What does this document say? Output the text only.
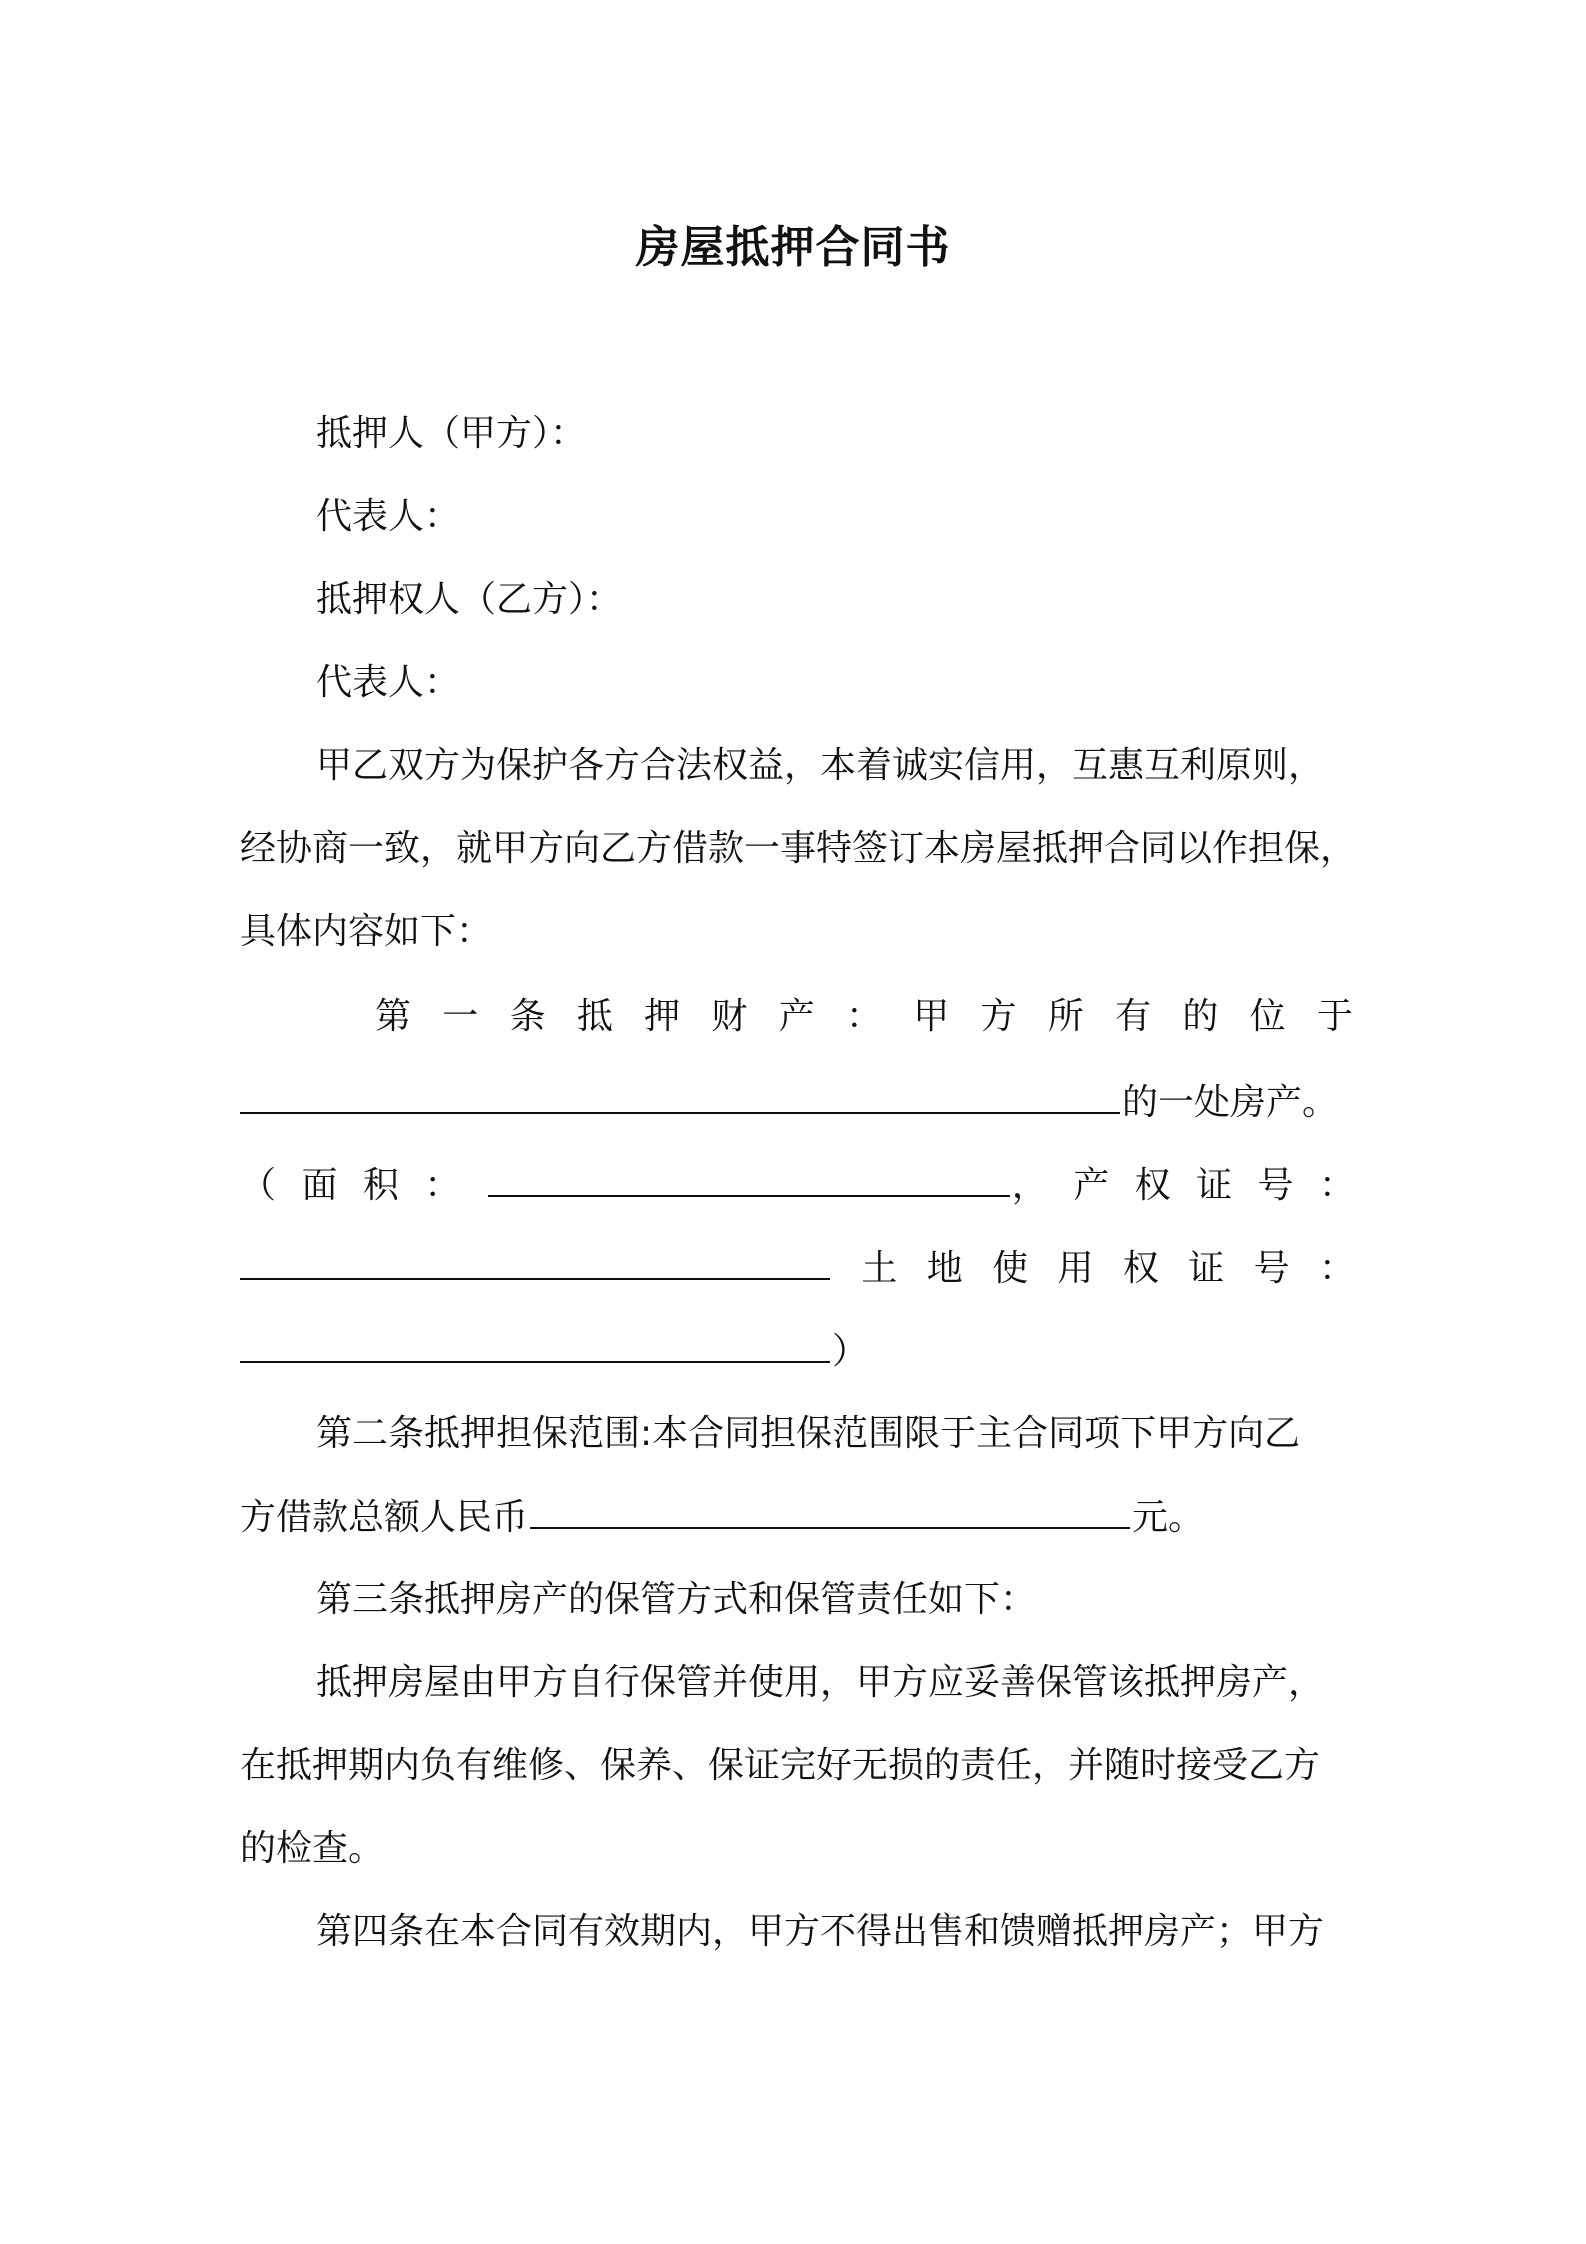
房屋抵押合同书
抵押人（甲方）：
代表人：
抵押权人（乙方）：
代表人：
甲乙双方为保护各方合法权益，本着诚实信用，互惠互利原则，
经协商一致，就甲方向乙方借款一事特签订本房屋抵押合同以作担保，
具体内容如下：
第 一 条 抵 押 财 产 ： 甲 方 所 有 的 位 于
的一处房产。
（ 面 积 ：	， 产 权 证 号 ：
土 地 使 用 权 证 号 ：
）
第二条抵押担保范围:本合同担保范围限于主合同项下甲方向乙
方借款总额人民币	元。
第三条抵押房产的保管方式和保管责任如下：
抵押房屋由甲方自行保管并使用，甲方应妥善保管该抵押房产，
在抵押期内负有维修、保养、保证完好无损的责任，并随时接受乙方
的检查。
第四条在本合同有效期内，甲方不得出售和馈赠抵押房产；甲方
